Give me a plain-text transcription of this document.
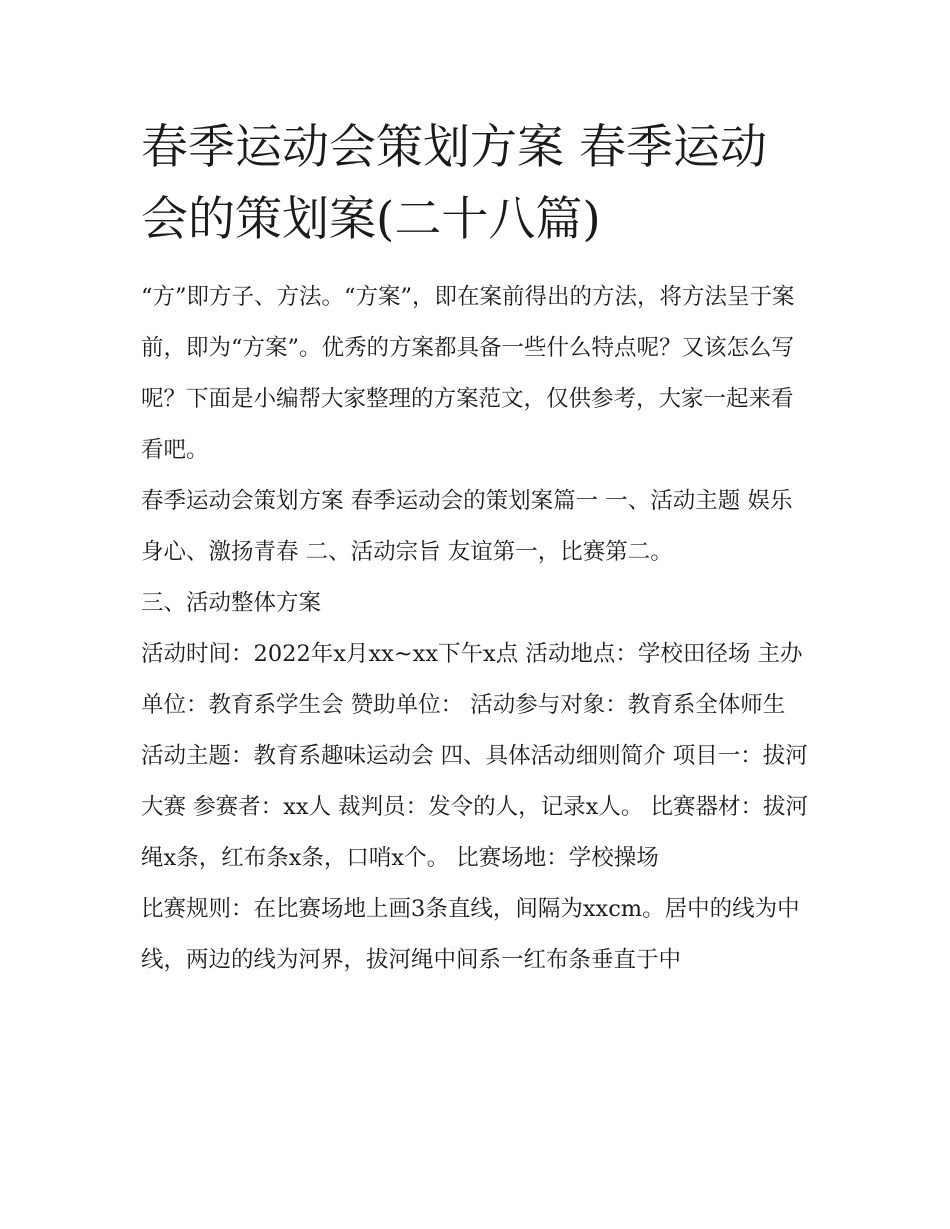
春季运动会策划方案 春季运动会的策划案(二十八篇)

“方”即方子、方法。“方案”，即在案前得出的方法，将方法呈于案前，即为“方案”。优秀的方案都具备一些什么特点呢？又该怎么写呢？下面是小编帮大家整理的方案范文，仅供参考，大家一起来看看吧。

春季运动会策划方案 春季运动会的策划案篇一 一、活动主题 娱乐身心、激扬青春 二、活动宗旨 友谊第一，比赛第二。

三、活动整体方案

活动时间：2022年x月xx~xx下午x点 活动地点：学校田径场 主办单位：教育系学生会 赞助单位： 活动参与对象：教育系全体师生

活动主题：教育系趣味运动会 四、具体活动细则简介 项目一：拔河大赛 参赛者：xx人 裁判员：发令的人，记录x人。 比赛器材：拔河绳x条，红布条x条，口哨x个。 比赛场地：学校操场

比赛规则：在比赛场地上画3条直线，间隔为xxcm。居中的线为中线，两边的线为河界，拔河绳中间系一红布条垂直于中
